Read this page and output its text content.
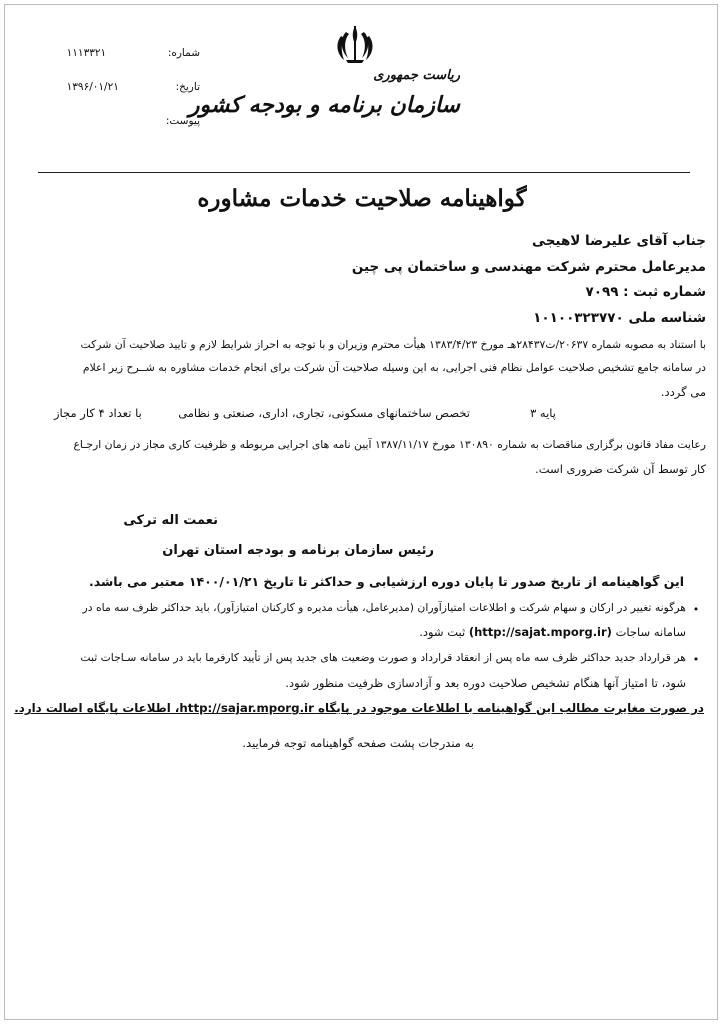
شماره: ۱۱۱۳۳۲۱
تاریخ: ۱۳۹۶/۰۱/۲۱
پیوست:
ریاست جمهوری
سازمان برنامه و بودجه کشور
گواهینامه صلاحیت خدمات مشاوره
جناب آقای علیرضا لاهیجی
مدیرعامل محترم شرکت مهندسی و ساختمان پی چین
شماره ثبت : ۷۰۹۹
شناسه ملی ۱۰۱۰۰۳۲۳۷۷۰
با استناد به مصوبه شماره ۲۰۶۳۷/ت۲۸۴۳۷هـ مورخ ۱۳۸۳/۴/۲۳ هیأت محترم وزیران و با توجه به احراز شرایط لازم و تایید صلاحیت آن شرکت
در سامانه جامع تشخیص صلاحیت عوامل نظام فنی اجرایی، به این وسیله صلاحیت آن شرکت برای انجام خدمات مشاوره به شــرح زیر اعلام
می گردد.
پایه ۳
تخصص ساختمانهای مسکونی، تجاری، اداری، صنعتی و نظامی
با تعداد ۴ کار مجاز
رعایت مفاد قانون برگزاری مناقصات به شماره ۱۳۰۸۹۰ مورخ ۱۳۸۷/۱۱/۱۷ آیین نامه های اجرایی مربوطه و ظرفیت کاری مجاز در زمان ارجـاع
کار توسط آن شرکت ضروری است.
نعمت اله ترکی
رئیس سازمان برنامه و بودجه استان تهران
این گواهینامه از تاریخ صدور تا پایان دوره ارزشیابی و حداکثر تا تاریخ ۱۴۰۰/۰۱/۲۱ معتبر می باشد.
•
هرگونه تغییر در ارکان و سهام شرکت و اطلاعات امتیازآوران (مدیرعامل، هیأت مدیره و کارکنان امتیازآور)، باید حداکثر ظرف سه ماه در
سامانه ساجات (http://sajat.mporg.ir) ثبت شود.
•
هر قرارداد جدید حداکثر ظرف سه ماه پس از انعقاد قرارداد و صورت وضعیت های جدید پس از تأیید کارفرما باید در سامانه سـاجات ثبت
شود، تا امتیاز آنها هنگام تشخیص صلاحیت دوره بعد و آزادسازی ظرفیت منظور شود.
در صورت مغایرت مطالب این گواهینامه با اطلاعات موجود در پایگاه http://sajar.mporg.ir، اطلاعات پایگاه اصالت دارد.
به مندرجات پشت صفحه گواهینامه توجه فرمایید.
